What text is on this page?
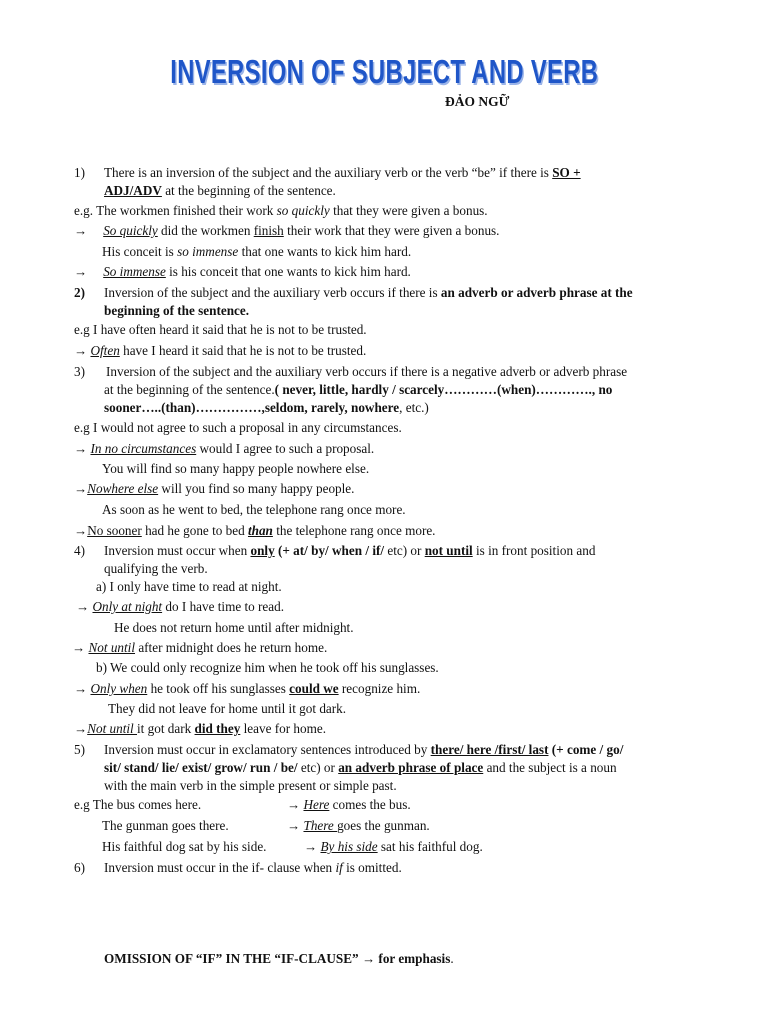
INVERSION OF SUBJECT AND VERB
ĐẢO NGỮ
1) There is an inversion of the subject and the auxiliary verb or the verb “be” if there is SO +
ADJ/ADV at the beginning of the sentence.
e.g. The workmen finished their work so quickly that they were given a bonus.
→ So quickly did the workmen finish their work that they were given a bonus.
His conceit is so immense that one wants to kick him hard.
→ So immense is his conceit that one wants to kick him hard.
2) Inversion of the subject and the auxiliary verb occurs if there is an adverb or adverb phrase at the
beginning of the sentence.
e.g I have often heard it said that he is not to be trusted.
→ Often have I heard it said that he is not to be trusted.
3) Inversion of the subject and the auxiliary verb occurs if there is a negative adverb or adverb phrase
at the beginning of the sentence.( never, little, hardly / scarcely…………(when)…………., no
sooner…..(than)……………,seldom, rarely, nowhere, etc.)
e.g I would not agree to such a proposal in any circumstances.
→ In no circumstances would I agree to such a proposal.
You will find so many happy people nowhere else.
→Nowhere else will you find so many happy people.
As soon as he went to bed, the telephone rang once more.
→No sooner had he gone to bed than the telephone rang once more.
4) Inversion must occur when only (+ at/ by/ when / if/ etc) or not until is in front position and
qualifying the verb.
a) I only have time to read at night.
→ Only at night do I have time to read.
He does not return home until after midnight.
→ Not until after midnight does he return home.
b) We could only recognize him when he took off his sunglasses.
→ Only when he took off his sunglasses could we recognize him.
They did not leave for home until it got dark.
→Not until it got dark did they leave for home.
5) Inversion must occur in exclamatory sentences introduced by there/ here /first/ last (+ come / go/
sit/ stand/ lie/ exist/ grow/ run / be/ etc) or an adverb phrase of place and the subject is a noun
with the main verb in the simple present or simple past.
e.g The bus comes here.	→ Here comes the bus.
The gunman goes there.	→ There goes the gunman.
His faithful dog sat by his side.	→ By his side sat his faithful dog.
6) Inversion must occur in the if- clause when if is omitted.
OMISSION OF “IF” IN THE “IF-CLAUSE” → for emphasis.
